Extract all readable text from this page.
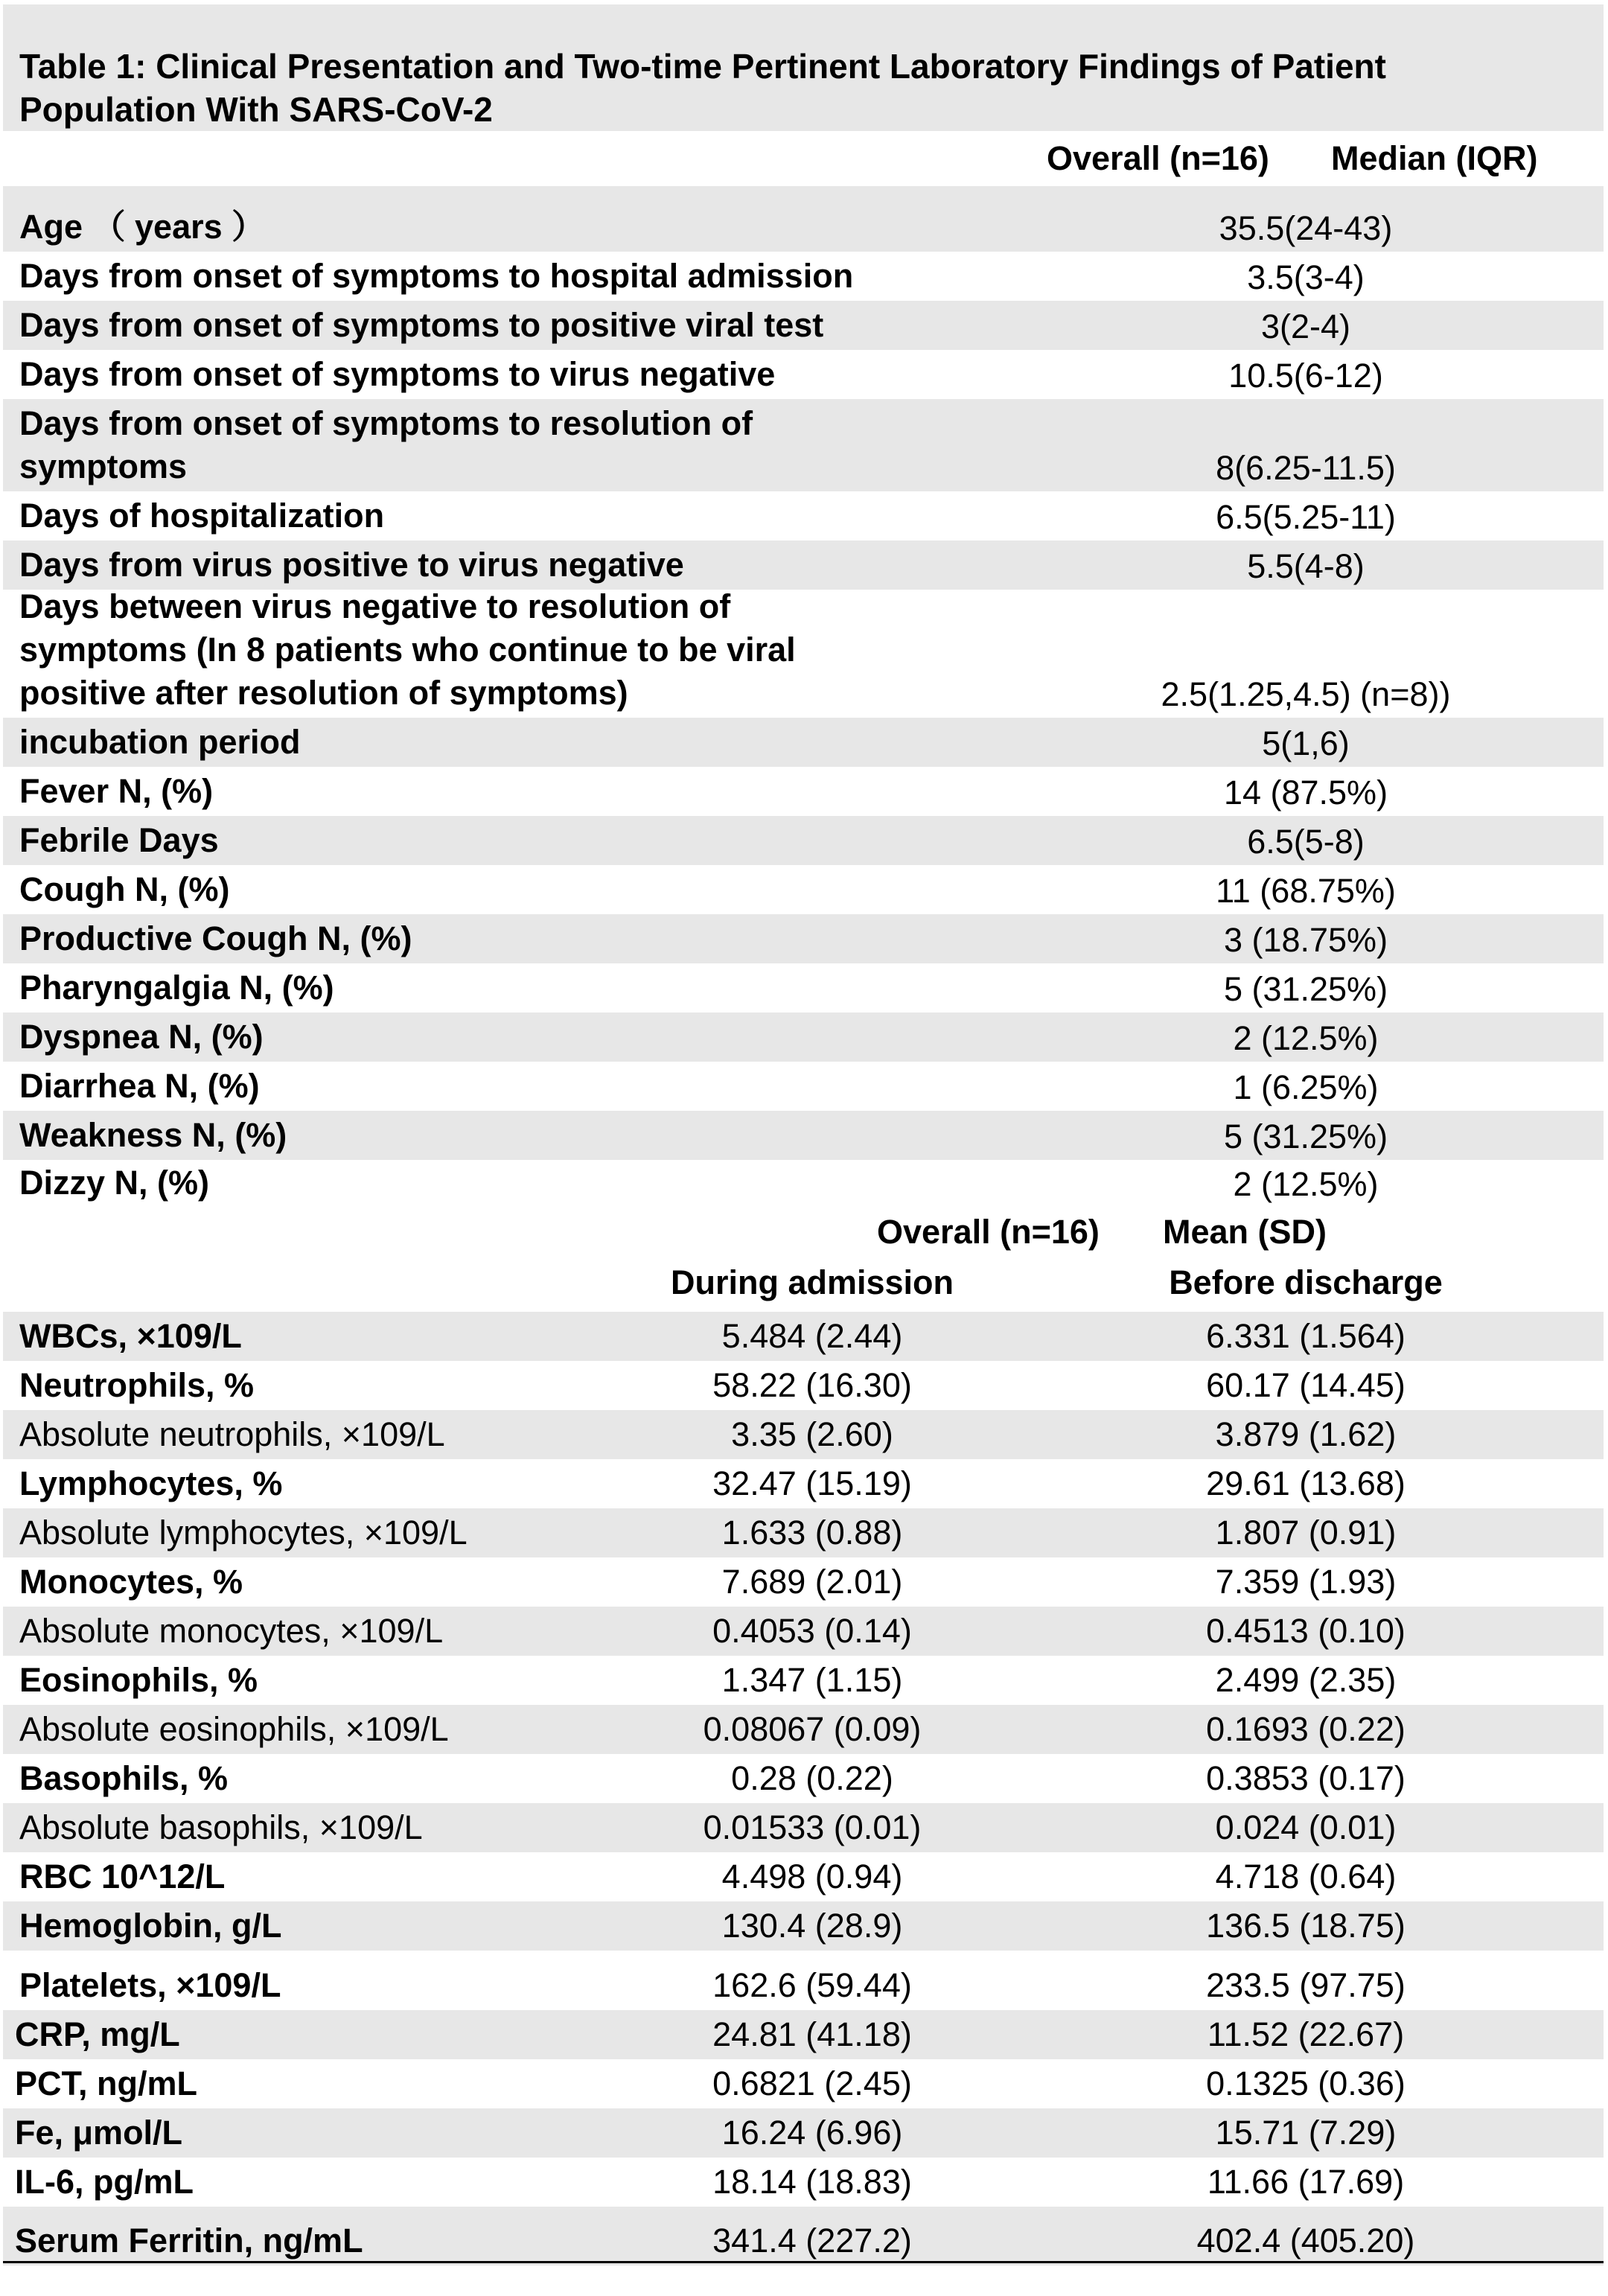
Table 1: Clinical Presentation and Two-time Pertinent Laboratory Findings of Patient
Population With SARS-CoV-2
Overall (n=16) Median (IQR)
Age （ years ）	35.5(24-43)
Days from onset of symptoms to hospital admission	3.5(3-4)
Days from onset of symptoms to positive viral test	3(2-4)
Days from onset of symptoms to virus negative	10.5(6-12)
Days from onset of symptoms to resolution of
symptoms	8(6.25-11.5)
Days of hospitalization	6.5(5.25-11)
Days from virus positive to virus negative	5.5(4-8)
Days between virus negative to resolution of
symptoms (In 8 patients who continue to be viral
positive after resolution of symptoms)	2.5(1.25,4.5) (n=8))
incubation period	5(1,6)
Fever N, (%)	14 (87.5%)
Febrile Days	6.5(5-8)
Cough N, (%)	11 (68.75%)
Productive Cough N, (%)	3 (18.75%)
Pharyngalgia N, (%)	5 (31.25%)
Dyspnea N, (%)	2 (12.5%)
Diarrhea N, (%)	1 (6.25%)
Weakness N, (%)	5 (31.25%)
Dizzy N, (%)	2 (12.5%)
Overall (n=16) Mean (SD)
During admission	Before discharge
WBCs, ×109/L	5.484 (2.44)	6.331 (1.564)
Neutrophils, %	58.22 (16.30)	60.17 (14.45)
Absolute neutrophils, ×109/L	3.35 (2.60)	3.879 (1.62)
Lymphocytes, %	32.47 (15.19)	29.61 (13.68)
Absolute lymphocytes, ×109/L	1.633 (0.88)	1.807 (0.91)
Monocytes, %	7.689 (2.01)	7.359 (1.93)
Absolute monocytes, ×109/L	0.4053 (0.14)	0.4513 (0.10)
Eosinophils, %	1.347 (1.15)	2.499 (2.35)
Absolute eosinophils, ×109/L	0.08067 (0.09)	0.1693 (0.22)
Basophils, %	0.28 (0.22)	0.3853 (0.17)
Absolute basophils, ×109/L	0.01533 (0.01)	0.024 (0.01)
RBC 10^12/L	4.498 (0.94)	4.718 (0.64)
Hemoglobin, g/L	130.4 (28.9)	136.5 (18.75)
Platelets, ×109/L	162.6 (59.44)	233.5 (97.75)
CRP, mg/L	24.81 (41.18)	11.52 (22.67)
PCT, ng/mL	0.6821 (2.45)	0.1325 (0.36)
Fe, μmol/L	16.24 (6.96)	15.71 (7.29)
IL-6, pg/mL	18.14 (18.83)	11.66 (17.69)
Serum Ferritin, ng/mL	341.4 (227.2)	402.4 (405.20)
